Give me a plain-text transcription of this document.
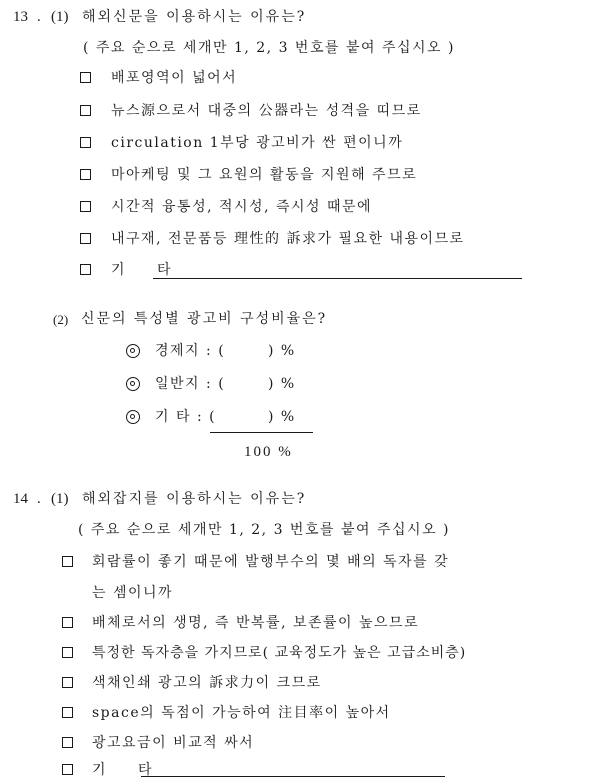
13 . (1) 해외신문을 이용하시는 이유는?
( 주요 순으로 세개만 1, 2, 3 번호를 붙여 주십시오 )
배포영역이 넓어서
뉴스源으로서 대중의 公器라는 성격을 띠므로
circulation 1부당 광고비가 싼 편이니까
마아케팅 및 그 요원의 활동을 지원해 주므로
시간적 융통성, 적시성, 즉시성 때문에
내구재, 전문품등 理性的 訴求가 필요한 내용이므로
기 타
(2) 신문의 특성별 광고비 구성비율은?
경제지 : (	) %
일반지 : (	) %
기 타 : (	) %
100 %
14 . (1) 해외잡지를 이용하시는 이유는?
( 주요 순으로 세개만 1, 2, 3 번호를 붙여 주십시오 )
회람률이 좋기 때문에 발행부수의 몇 배의 독자를 갖
는 셈이니까
배체로서의 생명, 즉 반복률, 보존률이 높으므로
특정한 독자층을 가지므로( 교육정도가 높은 고급소비층)
색채인쇄 광고의 訴求力이 크므로
space의 독점이 가능하여 注目率이 높아서
광고요금이 비교적 싸서
기 타
